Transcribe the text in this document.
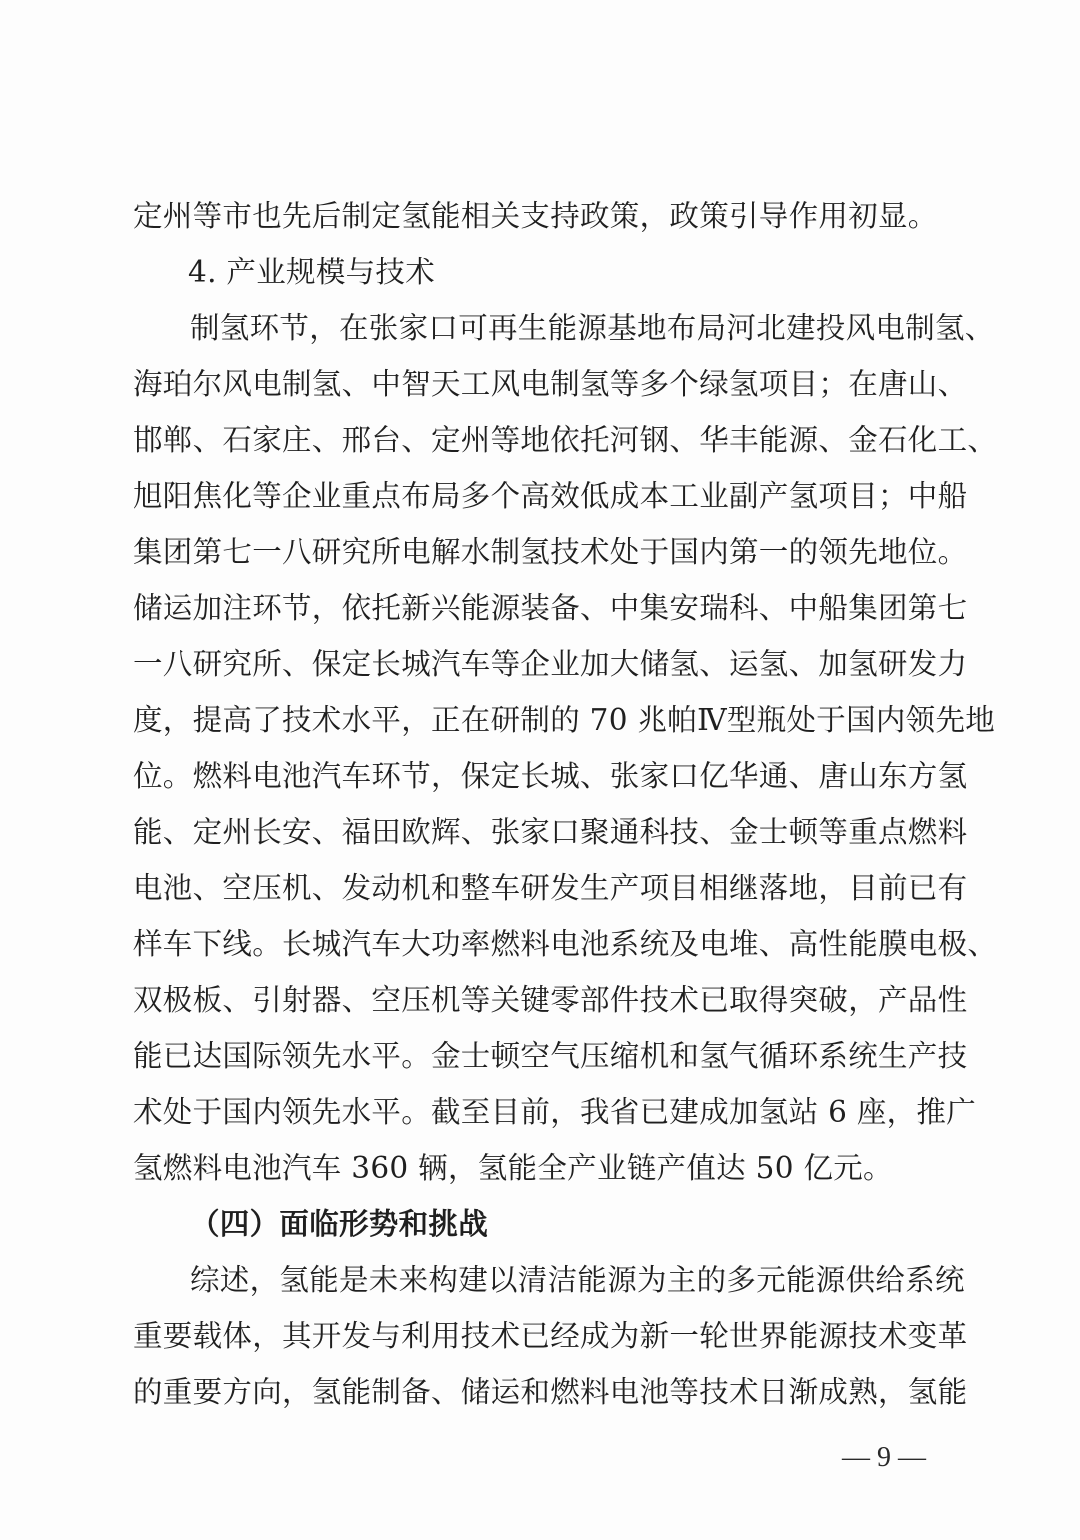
定州等市也先后制定氢能相关支持政策，政策引导作用初显。
4. 产业规模与技术
制氢环节，在张家口可再生能源基地布局河北建投风电制氢、
海珀尔风电制氢、中智天工风电制氢等多个绿氢项目；在唐山、
邯郸、石家庄、邢台、定州等地依托河钢、华丰能源、金石化工、
旭阳焦化等企业重点布局多个高效低成本工业副产氢项目；中船
集团第七一八研究所电解水制氢技术处于国内第一的领先地位。
储运加注环节，依托新兴能源装备、中集安瑞科、中船集团第七
一八研究所、保定长城汽车等企业加大储氢、运氢、加氢研发力
度，提高了技术水平，正在研制的 70 兆帕Ⅳ型瓶处于国内领先地
位。燃料电池汽车环节，保定长城、张家口亿华通、唐山东方氢
能、定州长安、福田欧辉、张家口聚通科技、金士顿等重点燃料
电池、空压机、发动机和整车研发生产项目相继落地，目前已有
样车下线。长城汽车大功率燃料电池系统及电堆、高性能膜电极、
双极板、引射器、空压机等关键零部件技术已取得突破，产品性
能已达国际领先水平。金士顿空气压缩机和氢气循环系统生产技
术处于国内领先水平。截至目前，我省已建成加氢站 6 座，推广
氢燃料电池汽车 360 辆，氢能全产业链产值达 50 亿元。
（四）面临形势和挑战
综述，氢能是未来构建以清洁能源为主的多元能源供给系统
重要载体，其开发与利用技术已经成为新一轮世界能源技术变革
的重要方向，氢能制备、储运和燃料电池等技术日渐成熟，氢能
— 9 —
